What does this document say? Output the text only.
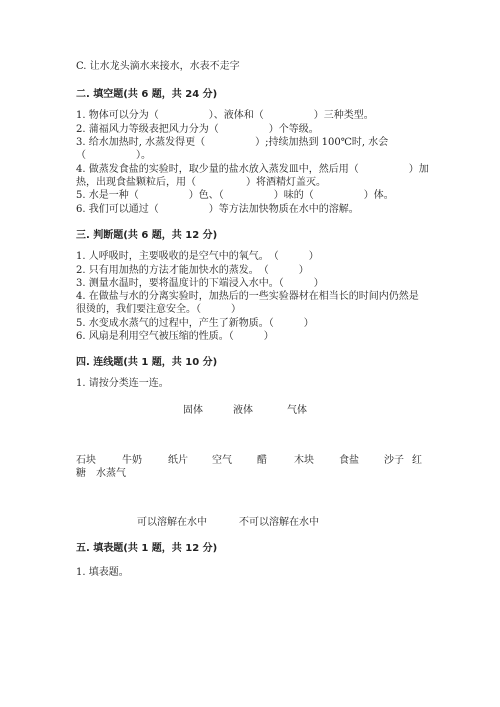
C. 让水龙头滴水来接水，水表不走字
二. 填空题(共 6 题，共 24 分)
1. 物体可以分为（　　　　　）、液体和（　　　　　）三种类型。
2. 蒲福风力等级表把风力分为（　　　　　）个等级。
3. 给水加热时, 水蒸发得更（　　　　　）;持续加热到 100℃时, 水会
（　　　　　）。
4. 做蒸发食盐的实验时，取少量的盐水放入蒸发皿中，然后用（　　　　　）加
热，出现食盐颗粒后，用（　　　　　）将酒精灯盖灭。
5. 水是一种（　　　　　）色、（　　　　　）味的（　　　　　）体。
6. 我们可以通过（　　　　　）等方法加快物质在水中的溶解。
三. 判断题(共 6 题，共 12 分)
1. 人呼吸时，主要吸收的是空气中的氧气。　（　　　）
2. 只有用加热的方法才能加快水的蒸发。　（　　　）
3. 测量水温时，要将温度计的下端浸入水中。（　　　）
4. 在做盐与水的分离实验时，加热后的一些实验器材在相当长的时间内仍然是
很烫的，我们要注意安全。（　　　）
5. 水变成水蒸气的过程中，产生了新物质。（　　　）
6. 风扇是利用空气被压缩的性质。（　　　）
四. 连线题(共 1 题，共 10 分)
1. 请按分类连一连。
固体	液体	气体
石块	牛奶	纸片 空气	醋	木块	食盐	沙子 红
糖　水蒸气
可以溶解在水中	不可以溶解在水中
五. 填表题(共 1 题，共 12 分)
1. 填表题。
